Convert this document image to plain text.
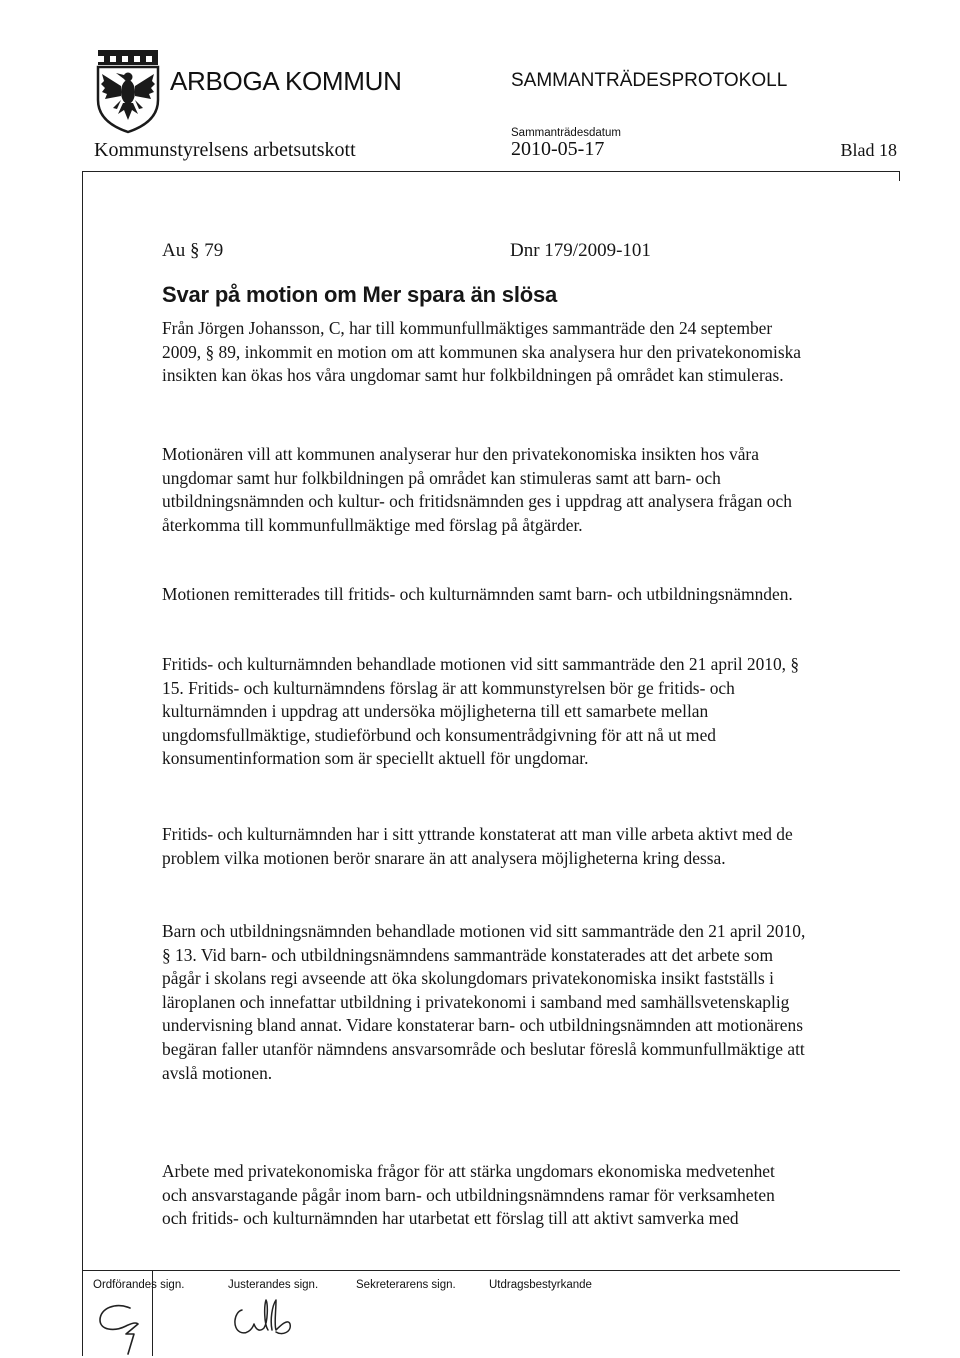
ARBOGA KOMMUN	SAMMANTRÄDESPROTOKOLL
Sammanträdesdatum
Kommunstyrelsens arbetsutskott	2010-05-17	Blad 18
Au § 79	Dnr 179/2009-101
Svar på motion om Mer spara än slösa

Från Jörgen Johansson, C, har till kommunfullmäktiges sammanträde den 24 september 2009, § 89, inkommit en motion om att kommunen ska analysera hur den privatekonomiska insikten kan ökas hos våra ungdomar samt hur folkbildningen på området kan stimuleras.

Motionären vill att kommunen analyserar hur den privatekonomiska insikten hos våra ungdomar samt hur folkbildningen på området kan stimuleras samt att barn- och utbildningsnämnden och kultur- och fritidsnämnden ges i uppdrag att analysera frågan och återkomma till kommunfullmäktige med förslag på åtgärder.

Motionen remitterades till fritids- och kulturnämnden samt barn- och utbildningsnämnden.

Fritids- och kulturnämnden behandlade motionen vid sitt sammanträde den 21 april 2010, § 15. Fritids- och kulturnämndens förslag är att kommunstyrelsen bör ge fritids- och kulturnämnden i uppdrag att undersöka möjligheterna till ett samarbete mellan ungdomsfullmäktige, studieförbund och konsumentrådgivning för att nå ut med konsumentinformation som är speciellt aktuell för ungdomar.

Fritids- och kulturnämnden har i sitt yttrande konstaterat att man ville arbeta aktivt med de problem vilka motionen berör snarare än att analysera möjligheterna kring dessa.

Barn och utbildningsnämnden behandlade motionen vid sitt sammanträde den 21 april 2010, § 13. Vid barn- och utbildningsnämndens sammanträde konstaterades att det arbete som pågår i skolans regi avseende att öka skolungdomars privatekonomiska insikt fastställs i läroplanen och innefattar utbildning i privatekonomi i samband med samhällsvetenskaplig undervisning bland annat. Vidare konstaterar barn- och utbildningsnämnden att motionärens begäran faller utanför nämndens ansvarsområde och beslutar föreslå kommunfullmäktige att avslå motionen.

Arbete med privatekonomiska frågor för att stärka ungdomars ekonomiska medvetenhet och ansvarstagande pågår inom barn- och utbildningsnämndens ramar för verksamheten och fritids- och kulturnämnden har utarbetat ett förslag till att aktivt samverka med

Ordförandes sign.	Justerandes sign.	Sekreterarens sign.	Utdragsbestyrkande
